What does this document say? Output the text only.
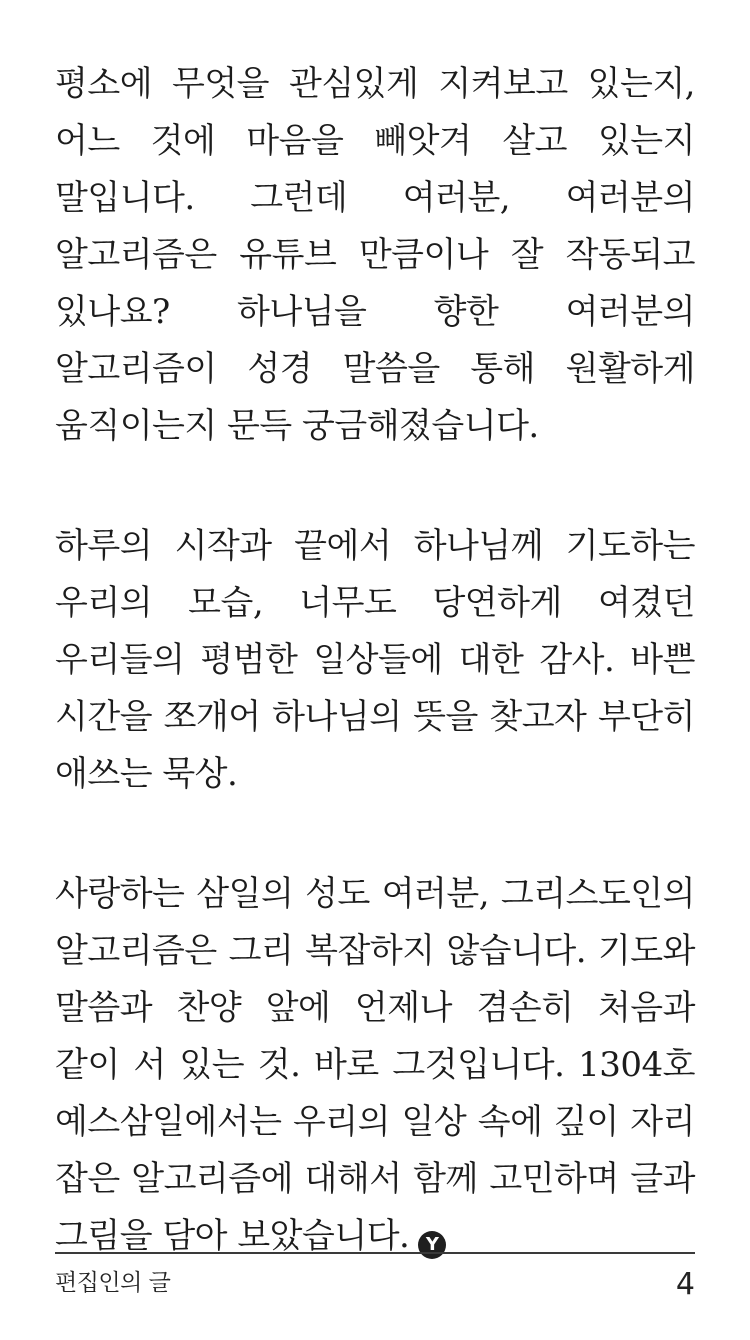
평소에 무엇을 관심있게 지켜보고 있는지, 어느 것에 마음을 빼앗겨 살고 있는지 말입니다. 그런데 여러분, 여러분의 알고리즘은 유튜브 만큼이나 잘 작동되고 있나요? 하나님을 향한 여러분의 알고리즘이 성경 말씀을 통해 원활하게 움직이는지 문득 궁금해졌습니다.

하루의 시작과 끝에서 하나님께 기도하는 우리의 모습, 너무도 당연하게 여겼던 우리들의 평범한 일상들에 대한 감사. 바쁜 시간을 쪼개어 하나님의 뜻을 찾고자 부단히 애쓰는 묵상.

사랑하는 삼일의 성도 여러분, 그리스도인의 알고리즘은 그리 복잡하지 않습니다. 기도와 말씀과 찬양 앞에 언제나 겸손히 처음과 같이 서 있는 것. 바로 그것입니다. 1304호 예스삼일에서는 우리의 일상 속에 깊이 자리 잡은 알고리즘에 대해서 함께 고민하며 글과 그림을 담아 보았습니다. Y

편집인의 글	4
